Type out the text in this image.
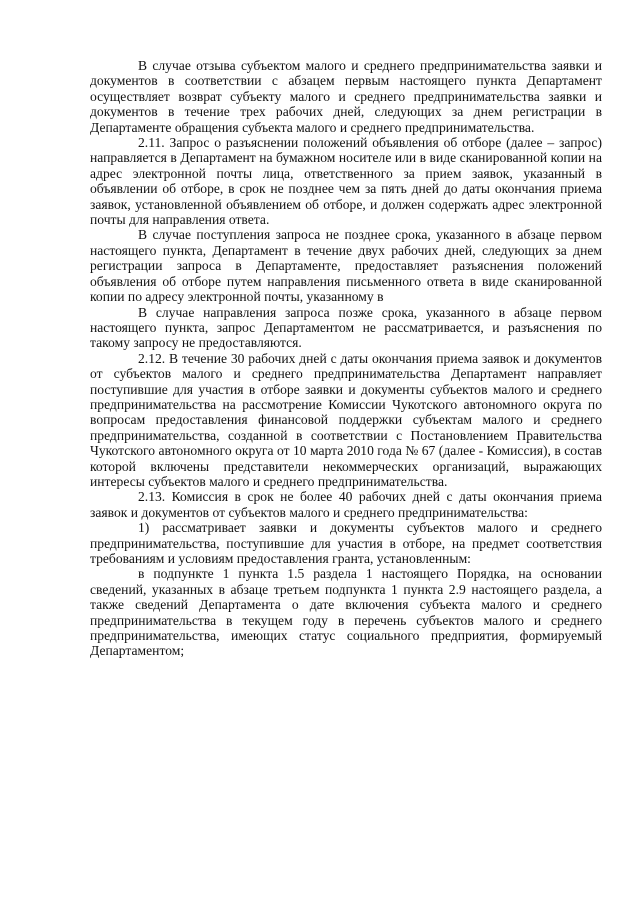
В случае отзыва субъектом малого и среднего предпринимательства заявки и документов в соответствии с абзацем первым настоящего пункта Департамент осуществляет возврат субъекту малого и среднего предпринимательства заявки и документов в течение трех рабочих дней, следующих за днем регистрации в Департаменте обращения субъекта малого и среднего предпринимательства.

2.11. Запрос о разъяснении положений объявления об отборе (далее – запрос) направляется в Департамент на бумажном носителе или в виде сканированной копии на адрес электронной почты лица, ответственного за прием заявок, указанный в объявлении об отборе, в срок не позднее чем за пять дней до даты окончания приема заявок, установленной объявлением об отборе, и должен содержать адрес электронной почты для направления ответа.

В случае поступления запроса не позднее срока, указанного в абзаце первом настоящего пункта, Департамент в течение двух рабочих дней, следующих за днем регистрации запроса в Департаменте, предоставляет разъяснения положений объявления об отборе путем направления письменного ответа в виде сканированной копии по адресу электронной почты, указанному в

В случае направления запроса позже срока, указанного в абзаце первом настоящего пункта, запрос Департаментом не рассматривается, и разъяснения по такому запросу не предоставляются.

2.12. В течение 30 рабочих дней с даты окончания приема заявок и документов от субъектов малого и среднего предпринимательства Департамент направляет поступившие для участия в отборе заявки и документы субъектов малого и среднего предпринимательства на рассмотрение Комиссии Чукотского автономного округа по вопросам предоставления финансовой поддержки субъектам малого и среднего предпринимательства, созданной в соответствии с Постановлением Правительства Чукотского автономного округа от 10 марта 2010 года № 67 (далее - Комиссия), в состав которой включены представители некоммерческих организаций, выражающих интересы субъектов малого и среднего предпринимательства.

2.13. Комиссия в срок не более 40 рабочих дней с даты окончания приема заявок и документов от субъектов малого и среднего предпринимательства:

1) рассматривает заявки и документы субъектов малого и среднего предпринимательства, поступившие для участия в отборе, на предмет соответствия требованиям и условиям предоставления гранта, установленным:

в подпункте 1 пункта 1.5 раздела 1 настоящего Порядка, на основании сведений, указанных в абзаце третьем подпункта 1 пункта 2.9 настоящего раздела, а также сведений Департамента о дате включения субъекта малого и среднего предпринимательства в текущем году в перечень субъектов малого и среднего предпринимательства, имеющих статус социального предприятия, формируемый Департаментом;
